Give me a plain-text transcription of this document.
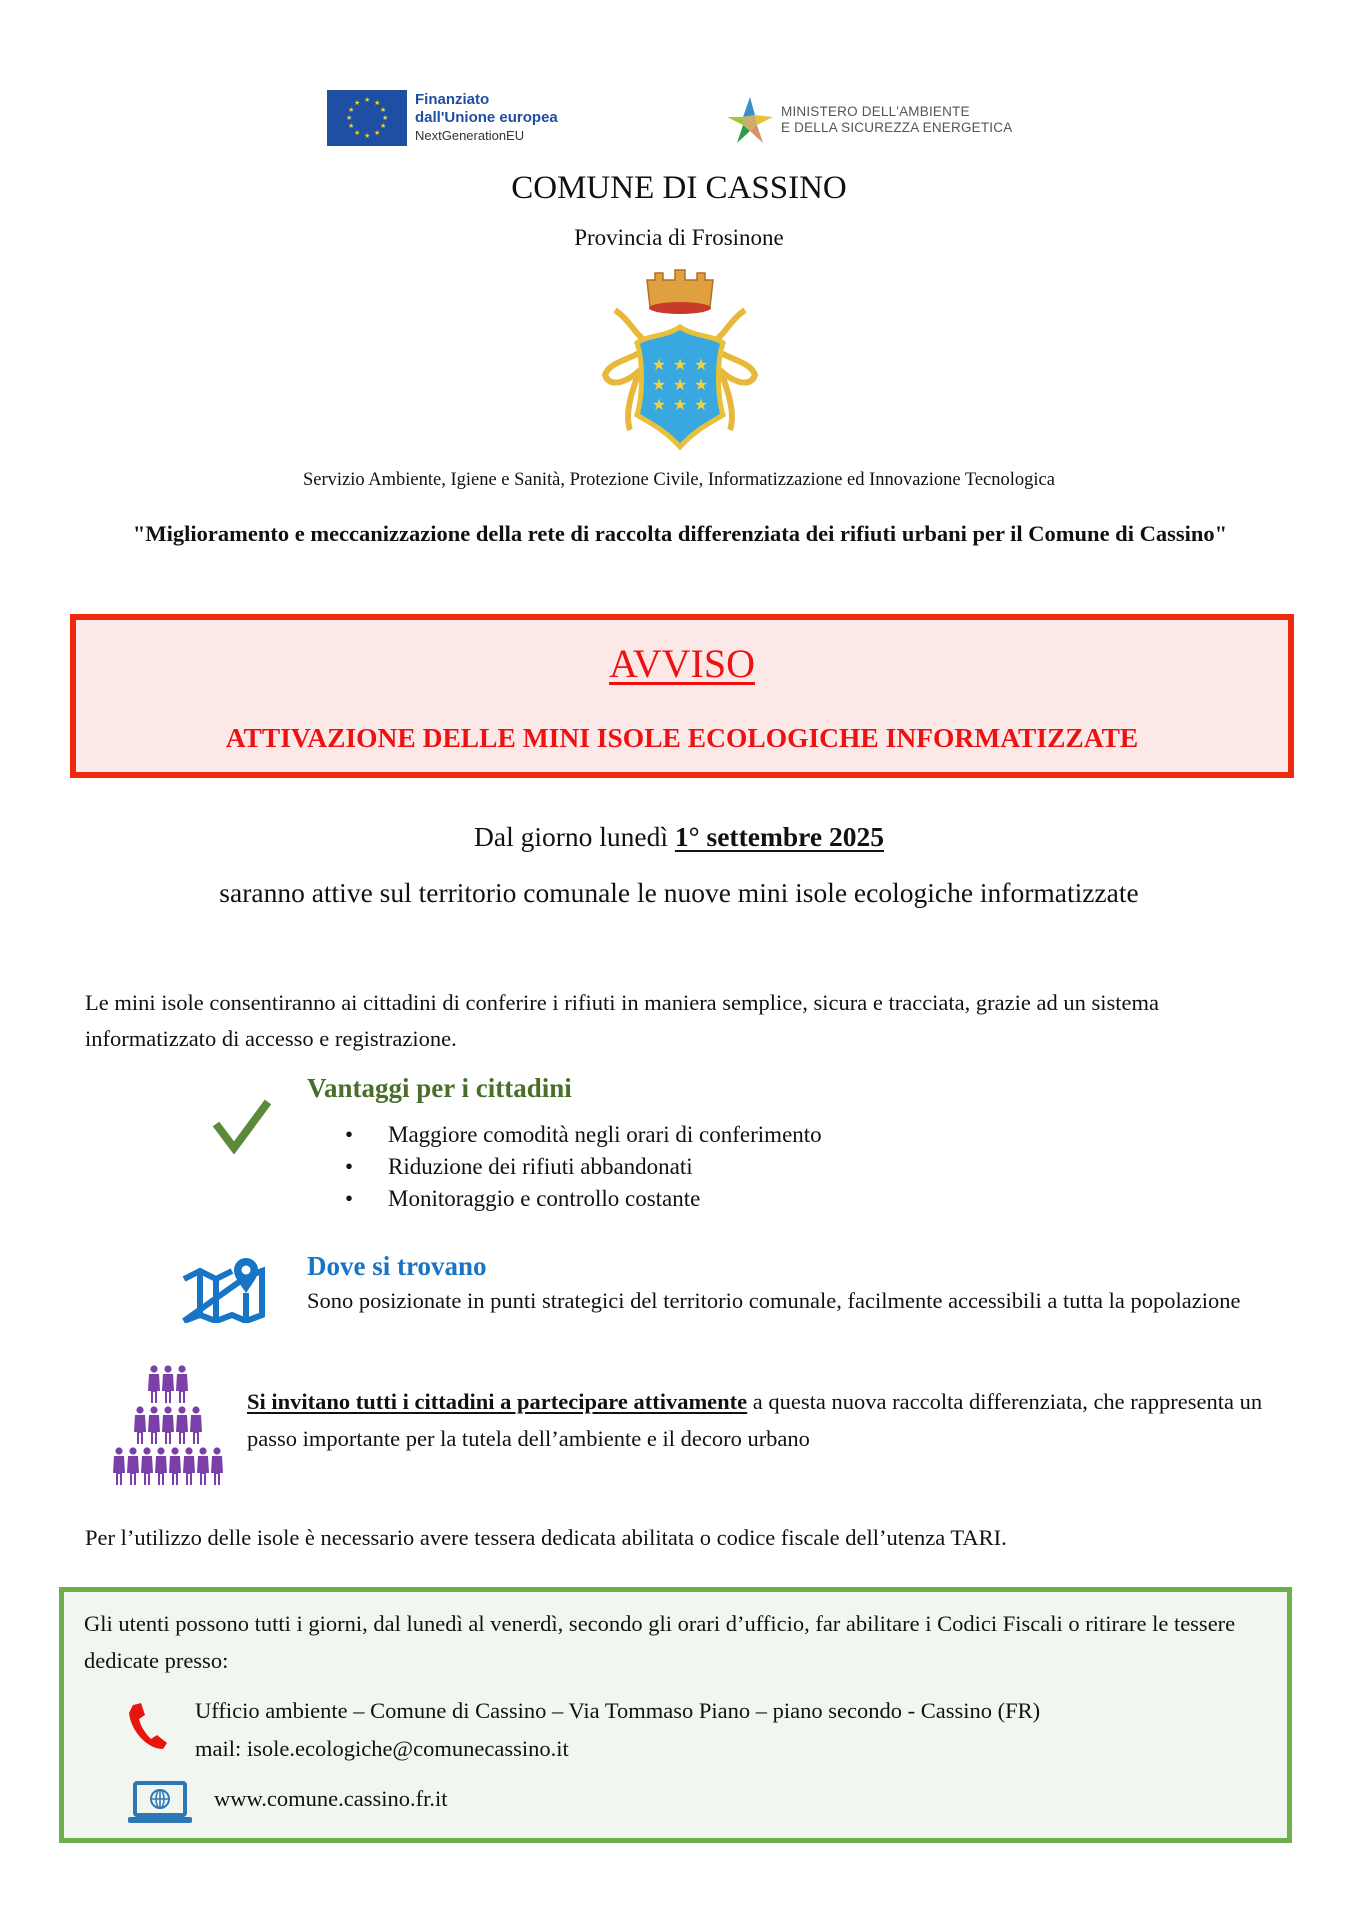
★ ★
★
★
★
★
★
★
★
★
★
★	Finanziato
dall'Unione europea
NextGenerationEU
MINISTERO DELL'AMBIENTE
E DELLA SICUREZZA ENERGETICA
COMUNE DI CASSINO
Provincia di Frosinone
★ ★ ★
★ ★ ★
★ ★ ★
Servizio Ambiente, Igiene e Sanità, Protezione Civile, Informatizzazione ed Innovazione Tecnologica
"Miglioramento e meccanizzazione della rete di raccolta differenziata dei rifiuti urbani per il Comune di Cassino"
AVVISO
ATTIVAZIONE DELLE MINI ISOLE ECOLOGICHE INFORMATIZZATE
Dal giorno lunedì 1° settembre 2025
saranno attive sul territorio comunale le nuove mini isole ecologiche informatizzate
Le mini isole consentiranno ai cittadini di conferire i rifiuti in maniera semplice, sicura e tracciata, grazie ad un sistema informatizzato di accesso e registrazione.
Vantaggi per i cittadini
• Maggiore comodità negli orari di conferimento
• Riduzione dei rifiuti abbandonati
• Monitoraggio e controllo costante
Dove si trovano
Sono posizionate in punti strategici del territorio comunale, facilmente accessibili a tutta la popolazione
Si invitano tutti i cittadini a partecipare attivamente a questa nuova raccolta differenziata, che rappresenta un passo importante per la tutela dell’ambiente e il decoro urbano
Per l’utilizzo delle isole è necessario avere tessera dedicata abilitata o codice fiscale dell’utenza TARI.
Gli utenti possono tutti i giorni, dal lunedì al venerdì, secondo gli orari d’ufficio, far abilitare i Codici Fiscali o ritirare le tessere dedicate presso:
Ufficio ambiente – Comune di Cassino – Via Tommaso Piano – piano secondo - Cassino (FR)
mail: isole.ecologiche@comunecassino.it
www.comune.cassino.fr.it
